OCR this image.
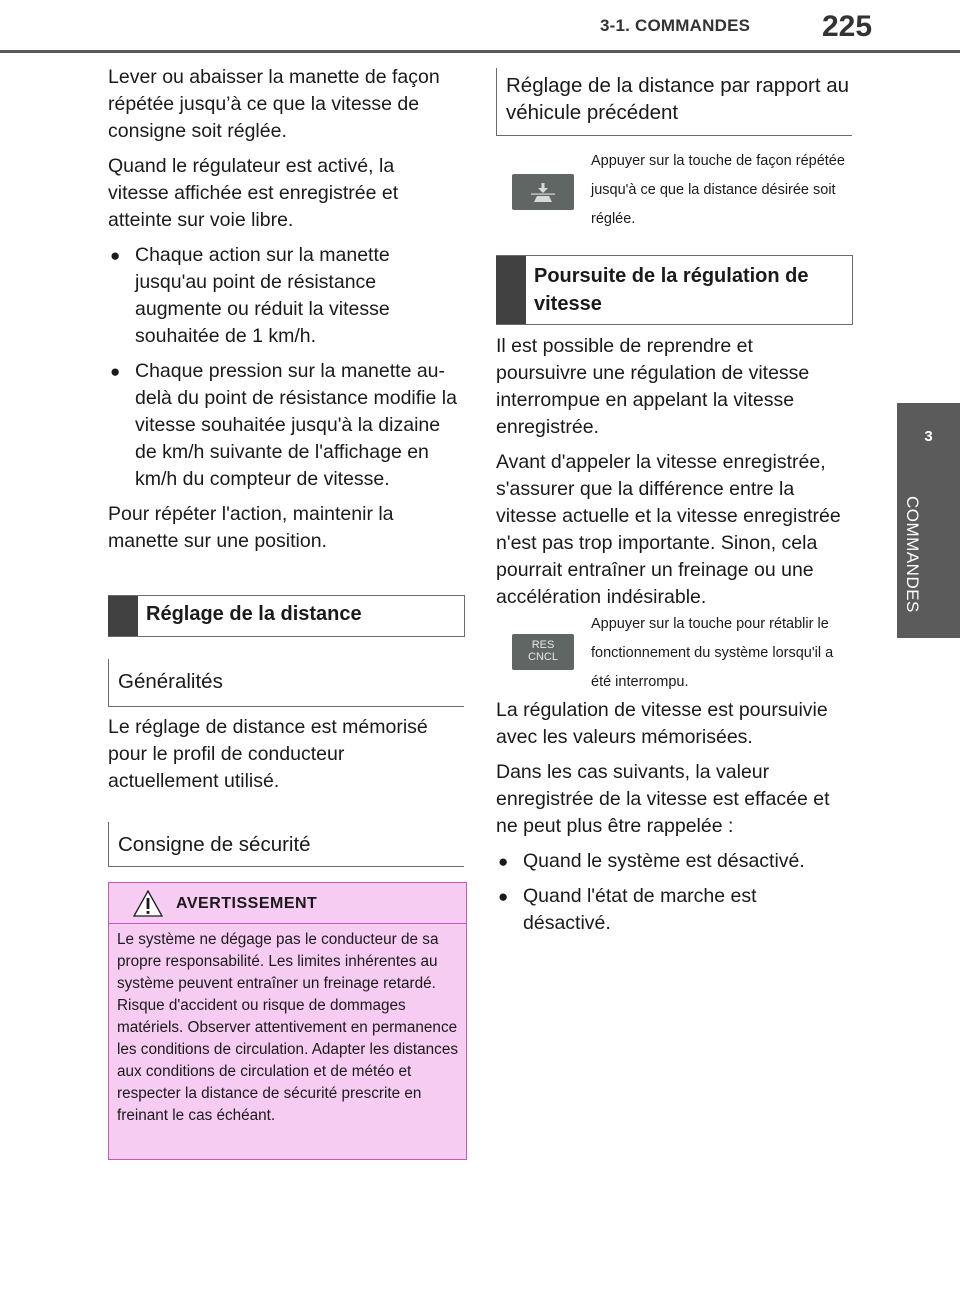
3-1. COMMANDES 225
3
COMMANDES

Lever ou abaisser la manette de façon répétée jusqu’à ce que la vitesse de consigne soit réglée.

Quand le régulateur est activé, la vitesse affichée est enregistrée et atteinte sur voie libre.

● Chaque action sur la manette jusqu'au point de résistance augmente ou réduit la vitesse souhaitée de 1 km/h.

● Chaque pression sur la manette au-delà du point de résistance modifie la vitesse souhaitée jusqu'à la dizaine de km/h suivante de l'affichage en km/h du compteur de vitesse.

Pour répéter l'action, maintenir la manette sur une position.

Réglage de la distance
Généralités

Le réglage de distance est mémorisé pour le profil de conducteur actuellement utilisé.

Consigne de sécurité
AVERTISSEMENT
Le système ne dégage pas le conducteur de sa propre responsabilité. Les limites inhérentes au système peuvent entraîner un freinage retardé. Risque d'accident ou risque de dommages matériels. Observer attentivement en permanence les conditions de circulation. Adapter les distances aux conditions de circulation et de météo et respecter la distance de sécurité prescrite en freinant le cas échéant.
Réglage de la distance par rapport au véhicule précédent
Appuyer sur la touche de façon répétée jusqu'à ce que la distance désirée soit réglée.
Poursuite de la régulation de vitesse

Il est possible de reprendre et poursuivre une régulation de vitesse interrompue en appelant la vitesse enregistrée.

Avant d'appeler la vitesse enregistrée, s'assurer que la différence entre la vitesse actuelle et la vitesse enregistrée n'est pas trop importante. Sinon, cela pourrait entraîner un freinage ou une accélération indésirable.

RES
CNCL
Appuyer sur la touche pour rétablir le fonctionnement du système lorsqu'il a été interrompu.

La régulation de vitesse est poursuivie avec les valeurs mémorisées.

Dans les cas suivants, la valeur enregistrée de la vitesse est effacée et ne peut plus être rappelée :

● Quand le système est désactivé.

● Quand l'état de marche est désactivé.
